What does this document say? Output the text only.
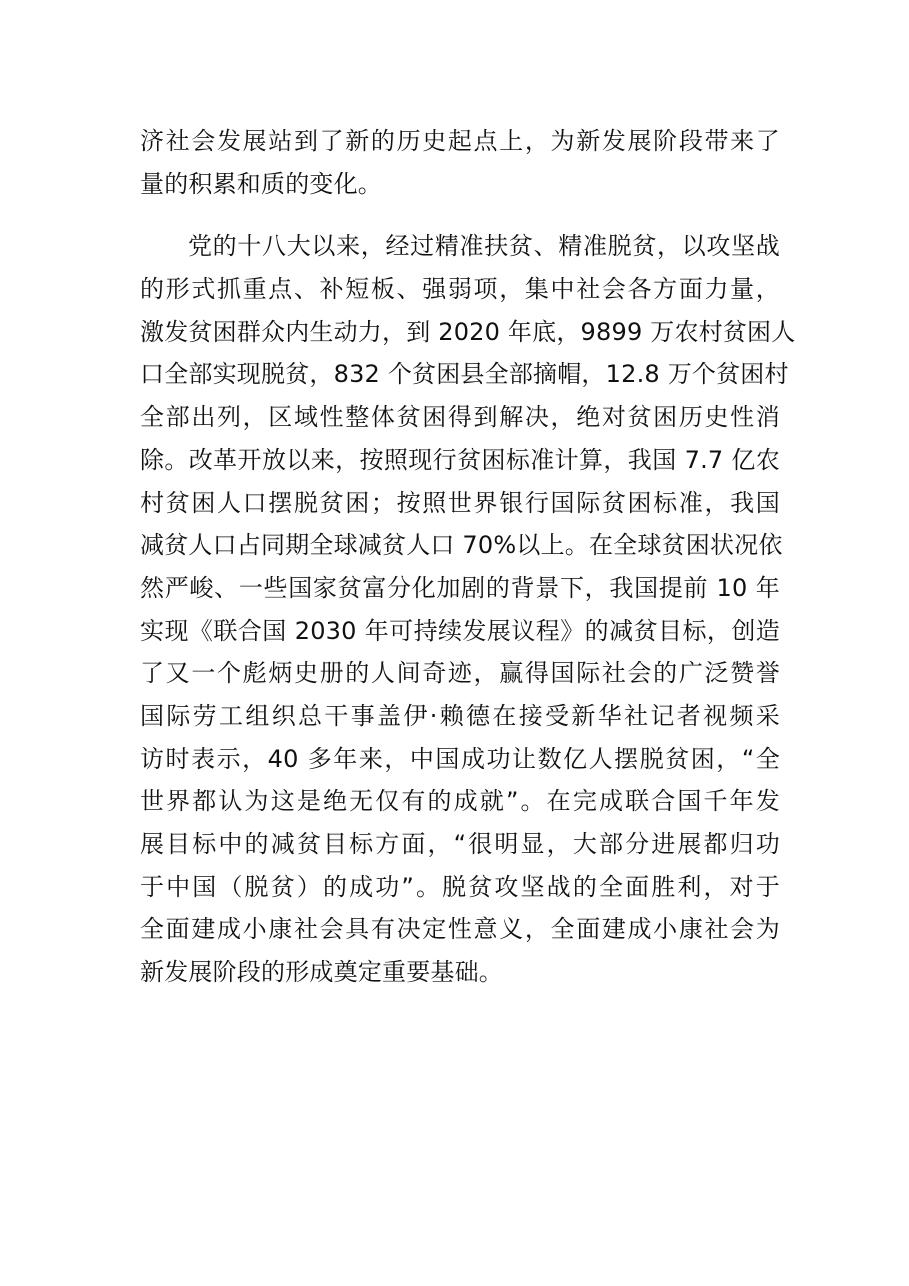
济社会发展站到了新的历史起点上，为新发展阶段带来了
量的积累和质的变化。
党的十八大以来，经过精准扶贫、精准脱贫，以攻坚战
的形式抓重点、补短板、强弱项，集中社会各方面力量，
激发贫困群众内生动力，到 2020 年底，9899 万农村贫困人
口全部实现脱贫，832 个贫困县全部摘帽，12.8 万个贫困村
全部出列，区域性整体贫困得到解决，绝对贫困历史性消
除。改革开放以来，按照现行贫困标准计算，我国 7.7 亿农
村贫困人口摆脱贫困；按照世界银行国际贫困标准，我国
减贫人口占同期全球减贫人口 70%以上。在全球贫困状况依
然严峻、一些国家贫富分化加剧的背景下，我国提前 10 年
实现《联合国 2030 年可持续发展议程》的减贫目标，创造
了又一个彪炳史册的人间奇迹，赢得国际社会的广泛赞誉
国际劳工组织总干事盖伊·赖德在接受新华社记者视频采
访时表示，40 多年来，中国成功让数亿人摆脱贫困，“全
世界都认为这是绝无仅有的成就”。在完成联合国千年发
展目标中的减贫目标方面，“很明显，大部分进展都归功
于中国（脱贫）的成功”。脱贫攻坚战的全面胜利，对于
全面建成小康社会具有决定性意义，全面建成小康社会为
新发展阶段的形成奠定重要基础。
